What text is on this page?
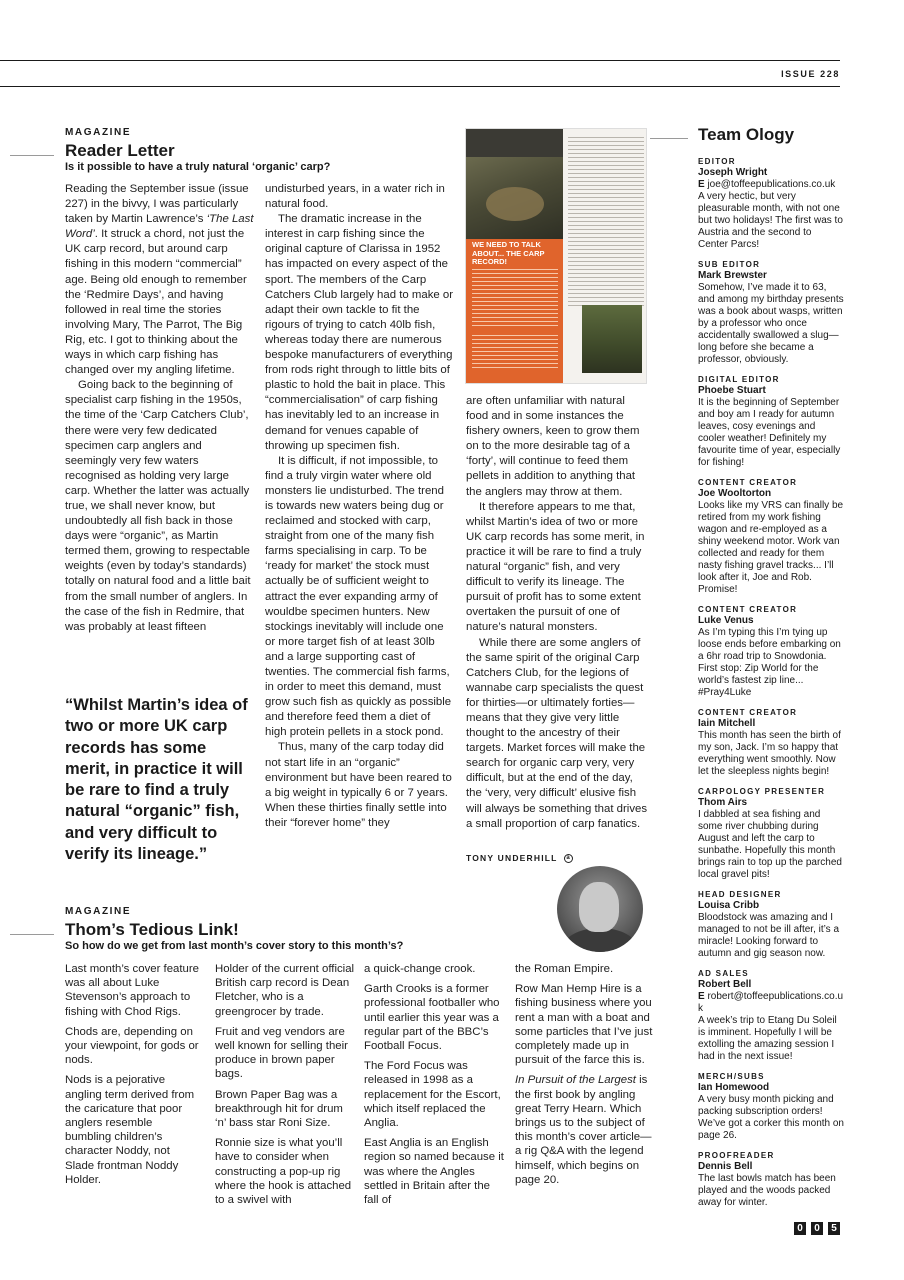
ISSUE 228
MAGAZINE
Reader Letter
Is it possible to have a truly natural ‘organic’ carp?

Reading the September issue (issue 227) in the bivvy, I was particularly taken by Martin Lawrence’s ‘The Last Word’. It struck a chord, not just the UK carp record, but around carp fishing in this modern “commercial” age. Being old enough to remember the ‘Redmire Days’, and having followed in real time the stories involving Mary, The Parrot, The Big Rig, etc. I got to thinking about the ways in which carp fishing has changed over my angling lifetime.

Going back to the beginning of specialist carp fishing in the 1950s, the time of the ‘Carp Catchers Club’, there were very few dedicated specimen carp anglers and seemingly very few waters recognised as holding very large carp. Whether the latter was actually true, we shall never know, but undoubtedly all fish back in those days were “organic”, as Martin termed them, growing to respectable weights (even by today’s standards) totally on natural food and a little bait from the small number of anglers. In the case of the fish in Redmire, that was probably at least fifteen

“Whilst Martin’s idea of two or more UK carp records has some merit, in practice it will be rare to find a truly natural “organic” fish, and very difficult to verify its lineage.”

undisturbed years, in a water rich in natural food.

The dramatic increase in the interest in carp fishing since the original capture of Clarissa in 1952 has impacted on every aspect of the sport. The members of the Carp Catchers Club largely had to make or adapt their own tackle to fit the rigours of trying to catch 40lb fish, whereas today there are numerous bespoke manufacturers of everything from rods right through to little bits of plastic to hold the bait in place. This “commercialisation” of carp fishing has inevitably led to an increase in demand for venues capable of throwing up specimen fish.

It is difficult, if not impossible, to find a truly virgin water where old monsters lie undisturbed. The trend is towards new waters being dug or reclaimed and stocked with carp, straight from one of the many fish farms specialising in carp. To be ‘ready for market’ the stock must actually be of sufficient weight to attract the ever expanding army of wouldbe specimen hunters. New stockings inevitably will include one or more target fish of at least 30lb and a large supporting cast of twenties. The commercial fish farms, in order to meet this demand, must grow such fish as quickly as possible and therefore feed them a diet of high protein pellets in a stock pond.

Thus, many of the carp today did not start life in an “organic” environment but have been reared to a big weight in typically 6 or 7 years. When these thirties finally settle into their “forever home” they

WE NEED TO TALK ABOUT... THE CARP RECORD!

are often unfamiliar with natural food and in some instances the fishery owners, keen to grow them on to the more desirable tag of a ‘forty’, will continue to feed them pellets in addition to anything that the anglers may throw at them.

It therefore appears to me that, whilst Martin’s idea of two or more UK carp records has some merit, in practice it will be rare to find a truly natural “organic” fish, and very difficult to verify its lineage. The pursuit of profit has to some extent overtaken the pursuit of one of nature’s natural monsters.

While there are some anglers of the same spirit of the original Carp Catchers Club, for the legions of wannabe carp specialists the quest for thirties—or ultimately forties—means that they give very little thought to the ancestry of their targets. Market forces will make the search for organic carp very, very difficult, but at the end of the day, the ‘very, very difficult’ elusive fish will always be something that drives a small proportion of carp fanatics.

TONY UNDERHILL a
MAGAZINE
Thom’s Tedious Link!
So how do we get from last month’s cover story to this month’s?

Last month’s cover feature was all about Luke Stevenson’s approach to fishing with Chod Rigs.

Chods are, depending on your viewpoint, for gods or nods.

Nods is a pejorative angling term derived from the caricature that poor anglers resemble bumbling children’s character Noddy, not Slade frontman Noddy Holder.

Holder of the current official British carp record is Dean Fletcher, who is a greengrocer by trade.

Fruit and veg vendors are well known for selling their produce in brown paper bags.

Brown Paper Bag was a breakthrough hit for drum ‘n’ bass star Roni Size.

Ronnie size is what you’ll have to consider when constructing a pop-up rig where the hook is attached to a swivel with

a quick-change crook.

Garth Crooks is a former professional footballer who until earlier this year was a regular part of the BBC’s Football Focus.

The Ford Focus was released in 1998 as a replacement for the Escort, which itself replaced the Anglia.

East Anglia is an English region so named because it was where the Angles settled in Britain after the fall of

the Roman Empire.

Row Man Hemp Hire is a fishing business where you rent a man with a boat and some particles that I’ve just completely made up in pursuit of the farce this is.

In Pursuit of the Largest is the first book by angling great Terry Hearn. Which brings us to the subject of this month’s cover article—a rig Q&A with the legend himself, which begins on page 20.

Team Ology
EDITOR
Joseph Wright
E joe@toffeepublications.co.uk
A very hectic, but very pleasurable month, with not one but two holidays! The first was to Austria and the second to Center Parcs!
SUB EDITOR
Mark Brewster
Somehow, I’ve made it to 63, and among my birthday presents was a book about wasps, written by a professor who once accidentally swallowed a slug—long before she became a professor, obviously.
DIGITAL EDITOR
Phoebe Stuart
It is the beginning of September and boy am I ready for autumn leaves, cosy evenings and cooler weather! Definitely my favourite time of year, especially for fishing!
CONTENT CREATOR
Joe Wooltorton
Looks like my VRS can finally be retired from my work fishing wagon and re-employed as a shiny weekend motor. Work van collected and ready for them nasty fishing gravel tracks... I’ll look after it, Joe and Rob. Promise!
CONTENT CREATOR
Luke Venus
As I’m typing this I’m tying up loose ends before embarking on a 6hr road trip to Snowdonia. First stop: Zip World for the world’s fastest zip line... #Pray4Luke
CONTENT CREATOR
Iain Mitchell
This month has seen the birth of my son, Jack. I’m so happy that everything went smoothly. Now let the sleepless nights begin!
CARPOLOGY PRESENTER
Thom Airs
I dabbled at sea fishing and some river chubbing during August and left the carp to sunbathe. Hopefully this month brings rain to top up the parched local gravel pits!
HEAD DESIGNER
Louisa Cribb
Bloodstock was amazing and I managed to not be ill after, it’s a miracle! Looking forward to autumn and gig season now.
AD SALES
Robert Bell
E robert@toffeepublications.co.uk
A week’s trip to Etang Du Soleil is imminent. Hopefully I will be extolling the amazing session I had in the next issue!
MERCH/SUBS
Ian Homewood
A very busy month picking and packing subscription orders! We’ve got a corker this month on page 26.
PROOFREADER
Dennis Bell
The last bowls match has been played and the woods packed away for winter.
0	0	5
